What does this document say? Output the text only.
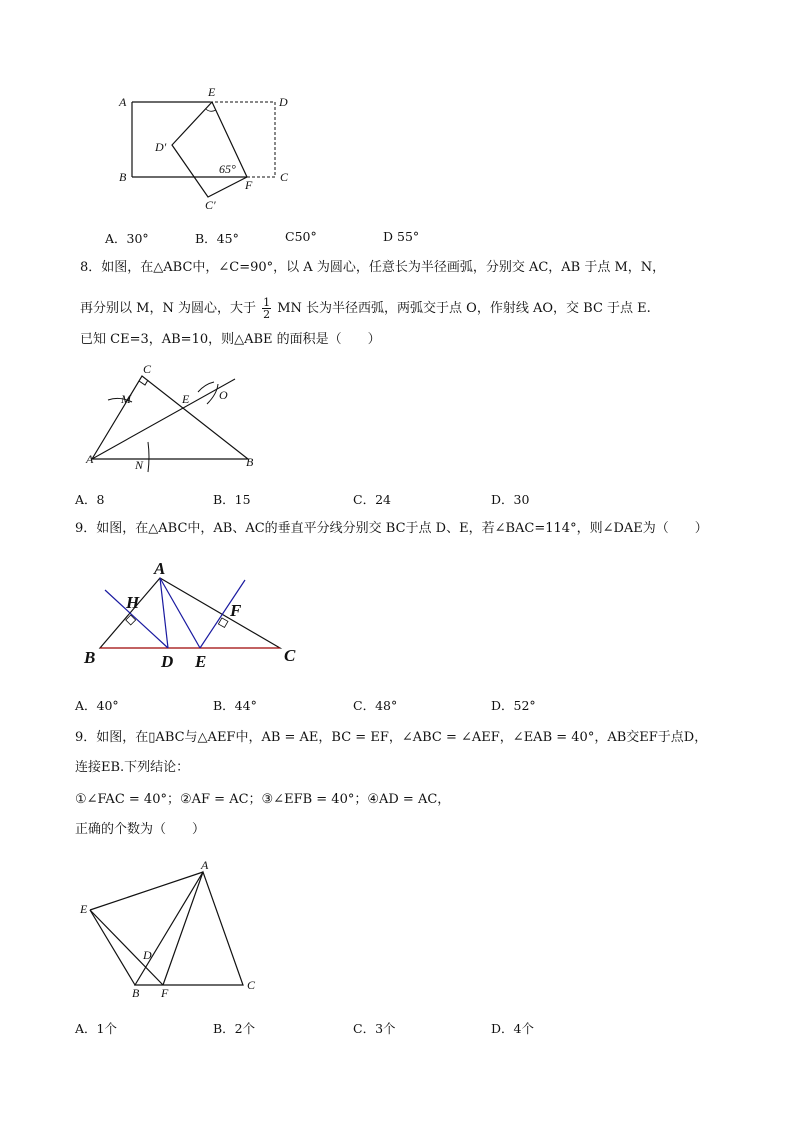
A
E
D
D′
65°
B
F
C
C′
A．30°	B．45°	C50°	D 55°
8．如图，在△ABC中，∠C=90°，以 A 为圆心，任意长为半径画弧，分别交 AC，AB 于点 M，N，
再分别以 M，N 为圆心，大于 $\frac{1}{2}$ MN 长为半径西弧，两弧交于点 O，作射线 AO，交 BC 于点 E.
已知 CE=3，AB=10，则△ABE 的面积是（　　）
C
M	E O
A	N	B
A．8	B．15	C．24	D．30
9．如图，在△ABC中，AB、AC的垂直平分线分别交 BC于点 D、E，若∠BAC=114°，则∠DAE为（　　）
A
H	F
B	D E	C
A．40°	B．44°	C．48°	D．52°
9．如图，在▯ABC与△AEF中，AB = AE，BC = EF，∠ABC = ∠AEF，∠EAB = 40°，AB交EF于点D，
连接EB.下列结论：
①∠FAC = 40°；②AF = AC；③∠EFB = 40°；④AD = AC，
正确的个数为（　　）
A
E
D
B F
C
A．1个	B．2个	C．3个	D．4个
